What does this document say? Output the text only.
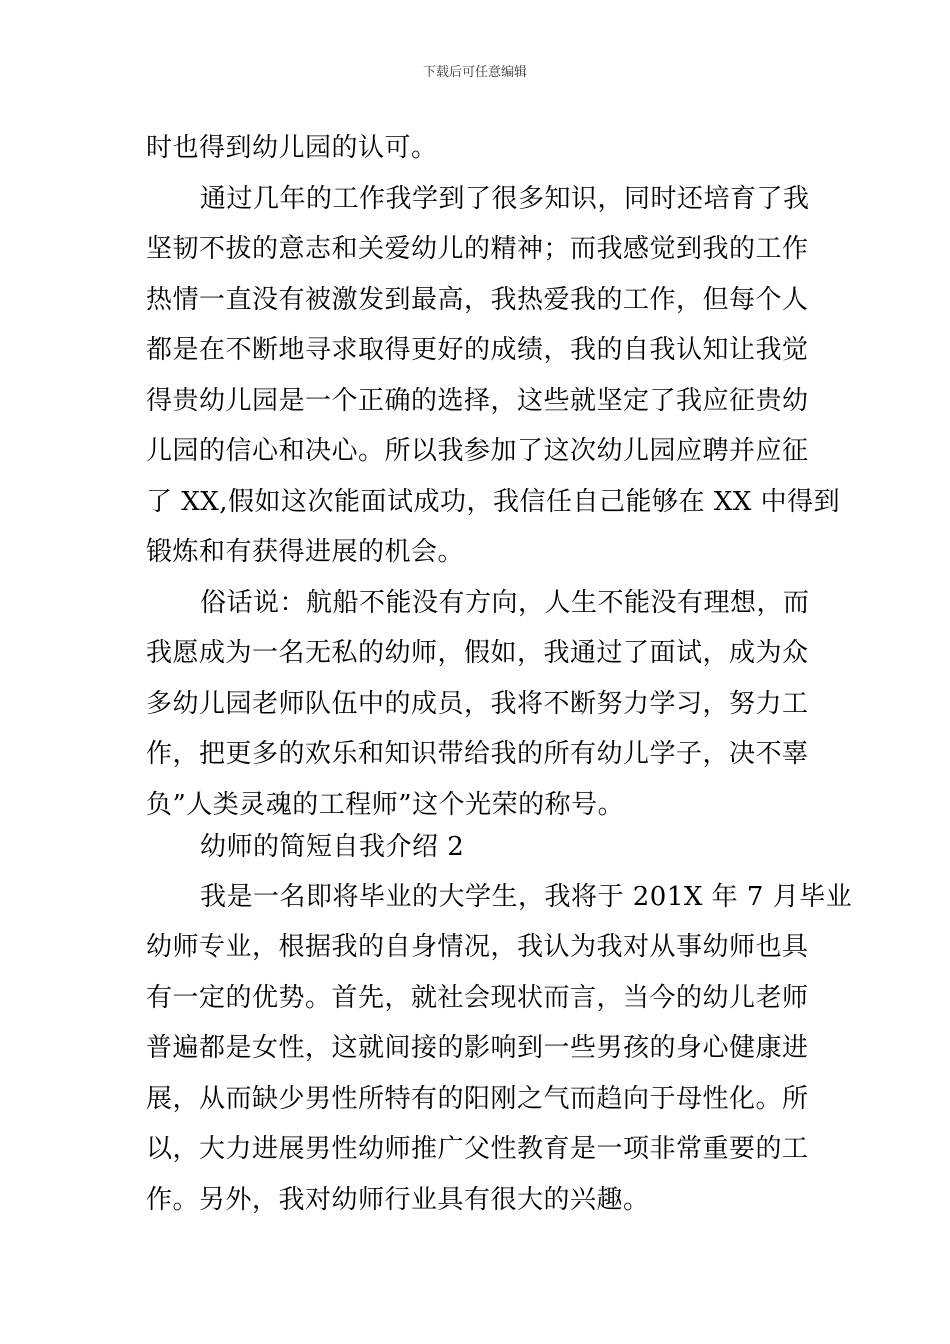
下载后可任意编辑
时也得到幼儿园的认可。
通过几年的工作我学到了很多知识，同时还培育了我
坚韧不拔的意志和关爱幼儿的精神；而我感觉到我的工作
热情一直没有被激发到最高，我热爱我的工作，但每个人
都是在不断地寻求取得更好的成绩，我的自我认知让我觉
得贵幼儿园是一个正确的选择，这些就坚定了我应征贵幼
儿园的信心和决心。所以我参加了这次幼儿园应聘并应征
了 XX,假如这次能面试成功，我信任自己能够在 XX 中得到
锻炼和有获得进展的机会。
俗话说：航船不能没有方向，人生不能没有理想，而
我愿成为一名无私的幼师，假如，我通过了面试，成为众
多幼儿园老师队伍中的成员，我将不断努力学习，努力工
作，把更多的欢乐和知识带给我的所有幼儿学子，决不辜
负”人类灵魂的工程师”这个光荣的称号。
幼师的简短自我介绍 2
我是一名即将毕业的大学生，我将于 201X 年 7 月毕业
幼师专业，根据我的自身情况，我认为我对从事幼师也具
有一定的优势。首先，就社会现状而言，当今的幼儿老师
普遍都是女性，这就间接的影响到一些男孩的身心健康进
展，从而缺少男性所特有的阳刚之气而趋向于母性化。所
以，大力进展男性幼师推广父性教育是一项非常重要的工
作。另外，我对幼师行业具有很大的兴趣。
